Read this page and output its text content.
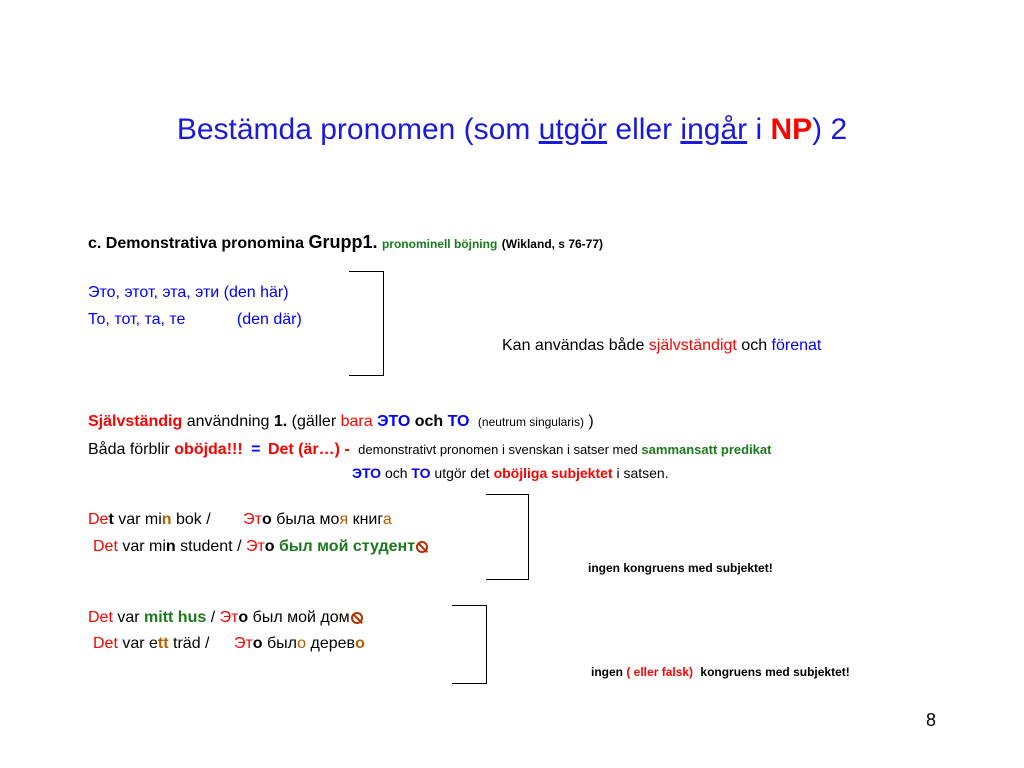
Bestämda pronomen (som utgör eller ingår i NP) 2
c. Demonstrativa pronomina Grupp1. pronominell böjning (Wikland, s 76-77)
Это, этот, эта, эти (den här)
То, тот, та, те	(den där)
Kan användas både självständigt och förenat
Självständig användning 1. (gäller bara ЭТО och ТО (neutrum singularis) )
Båda förblir oböjda!!! = Det (är…) - demonstrativt pronomen i svenskan i satser med sammansatt predikat
ЭТО och ТО utgör det oböjliga subjektet i satsen.
Det var min bok / Это была моя книга
Det var min student / Это был мой студент
ingen kongruens med subjektet!
Det var mitt hus / Это был мой дом
Det var ett träd / Это было дерево
ingen ( eller falsk) kongruens med subjektet!
8
